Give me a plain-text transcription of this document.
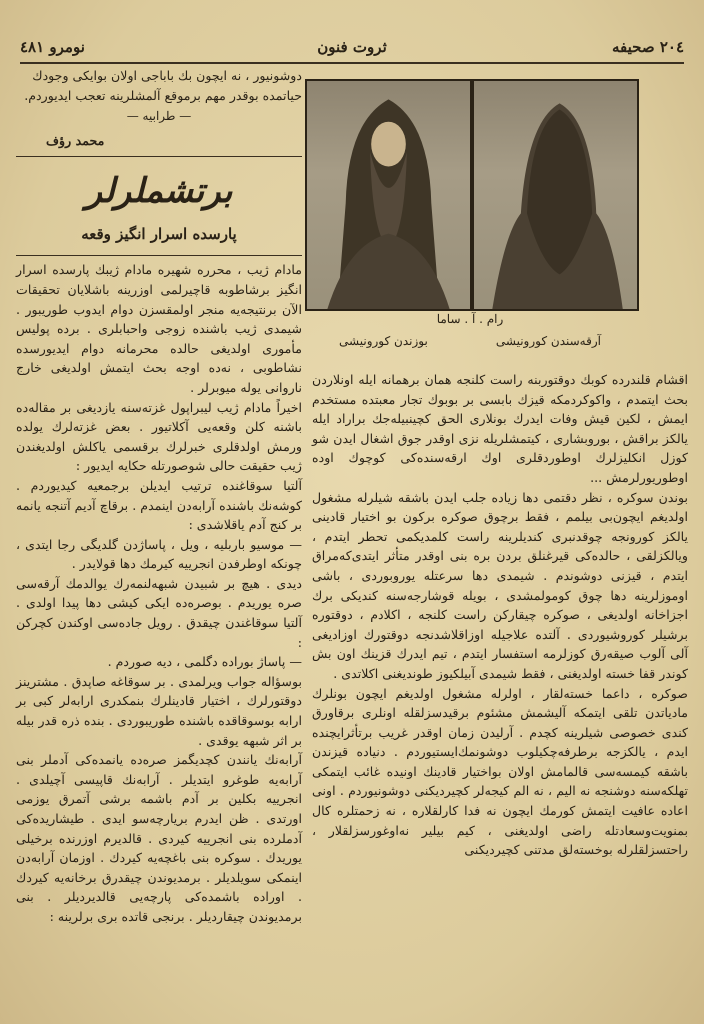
۲۰٤ صحیفه
ثروت فنون
نومرو ٤٨١

دوشونیور ، نه ایچون بك باباجی اولان بوایکی وجودك

حیاتمده بوقدر مهم برموقع آلمشلرینه تعجب ایدیوردم.

— طرابیه —
محمد رؤف
برتشملرلر
پارسده اسرار انگیز وقعه

مادام ژیب ، محرره شهیره مادام ژیبك پارسده اسرار انگیز برشاطوبه قاچیرلمی اوزرینه باشلایان تحقیقات الآن برنتیجه‌یه منجر اولمقسزن دوام ایدوب طوریبور . شیمدی ژیب باشنده زوجی واحبابلری . برده پولیس مأموری اولدیغی حالده محرمانه دوام ایدیورسده نشاطوبی ، نه‌ده اوجه بحث ایتمش اولدیغی خارج ناروانی یوله میوبرلر .

اخیراً مادام ژیب لیبراپول غزته‌سنه یازدیغی بر مقاله‌ده باشنه کلن وقعه‌یی آکلاتیور . بعض غزته‌لرك یولده ورمش اولدقلری خبرلرك برقسمی یاکلش اولدیغندن ژیب حقیقت حالی شوصورتله حکایه ایدیور :

آلتیا سوقاغنده ترتیب ایدیلن برجمعیه کیدیوردم . کوشه‌نك باشنده آرابه‌دن اینمدم . برقاچ آدیم آتنجه یانمه بر کنج آدم یاقلاشدی :

— موسیو باربلیه ، ویل ، پاساژدن گلدیگی رجا ایتدی ، چونکه اوطرفدن انجرییه کیرمك دها قولایدر .

دیدی . هیچ بر شبیدن شبهه‌لنمه‌رك یوالدمك آرقه‌سی صره یوریدم . بوصره‌ده ایکی کیشی دها پیدا اولدی . آلتیا سوقاغندن چیقدق . رویل جاده‌سی اوکندن کچرکن :

— پاساژ بوراده دگلمی ، دیه صوردم .

بوسؤاله جواب ویرلمدی . بر سوقاغه صاپدق . مشترینز دوقتورلرك ، اختیار قادینلرك بنمکدری ارابه‌لر کبی بر ارابه بوسوقاقده باشنده طوریبوردی . بنده ذره قدر بیله بر اثر شبهه یوقدی .

آرابه‌نك یانندن کچدیگمز صره‌ده یانمده‌کی آدملر بنی آرابه‌یه طوغرو ایتدیلر . آرابه‌نك قاپیسی آچیلدی . انجرییه بکلین بر آدم باشمه برشی آتمرق یوزمی اورتدی . ظن ایدرم بریارچه‌سو ایدی . طیشاریده‌کی آدملرده بنی انجرییه کیردی . قالدیرم اوزرنده برخیلی یوریدك . سوکره بنی باغچه‌یه کیردك . اوزمان آرابه‌دن اینمکی سویلدیلر . برمدیوندن چیقدرق برخانه‌یه کیردك . اوراده باشمده‌کی پارچه‌یی قالدیردیلر . بنی برمدیوندن چیقاردیلر . برنجی قاتده بری برلرینه :

رام . آ . ساما
آرقه‌سندن کورونیشی
بوزندن کورونیشی

اقشام قلندرده کوبك دوقتوربنه راست کلنجه همان برهمانه ایله اونلاردن بحث ایتمدم ، واکوکردمکه قیزك بابسی بر بوبوك تجار معبتده مستخدم ایمش ، لکین قیش وفات ایدرك بونلاری الحق کچینبیله‌جك براراد ایله یالکز براقش ، بوروبشاری ، کیتمشلریله نزی اوقدر جوق اشغال ایدن شو کوزل انکلیزلرك اوطوردقلری اوك ارقه‌سنده‌کی کوچوك اوده اوطوریورلرمش ...

بوندن سوکره ، نظر دقتمی دها زیاده جلب ایدن باشقه شیلرله مشغول اولدیغم ایچون‌بی بیلمم ، فقط برچوق صوکره برکون بو اختیار قادینی یالکز کورونجه چوقدنبری کندیلرینه راست کلمدیکمی تحطر ایتدم ، ویالکزلقی ، حالده‌کی قیرغنلق بردن بره بنی اوقدر متأثر ایتدی‌که‌مراق ایتدم ، قیزنی دوشوندم . شیمدی دها سرعتله یوروبوردی ، باشی اوموزلرینه دها چوق کومولمشدی ، بویله قوشارجه‌سنه کندیکی برك اجزاخانه اولدیغی ، صوکره چیقارکن راست کلنجه ، اکلادم ، دوقتوره برشیلر کوروشیوردی . آلتده علاجیله اوزاقلاشدنجه دوقتورك اوزادیغی آلی آلوب صیقه‌رق کوزلرمه استفسار ایتدم ، تیم ایدرك قزینك اون بش کوندر قفا خسته اولدیغنی ، فقط شیمدی آبیلکیوز طوندیغنی اکلاتدی .

صوکره ، داعما خسته‌لقار ، اولرله مشغول اولدیغم ایچون بونلرك مادیاتدن تلقی ایتمکه آلیشمش مشئوم برقیدسزلقله اونلری برقاورق کندی خصوصی شیلرینه کچدم . آرلیدن زمان اوقدر غریب برتأثرایچنده ایدم ، یالکزجه برطرفه‌چکیلوب دوشونمك‌ایستیوردم . دنیاده قیزندن باشقه کیمسه‌سی قالمامش اولان بواختیار قادینك اونیده غائب ایتمکی تهلکه‌سنه دوشنجه نه الیم ، نه الم کیجه‌لر کچیردیکنی دوشونیوردم . اونی اعاده عافیت ایتمش کورمك ایچون نه فدا کارلقلاره ، نه زحمتلره کال بمنویت‌وسعادتله راضی اولدیغنی ، کیم بیلیر نه‌اوغورسزلقلار ، راحتسزلقلرله بوخسته‌لق مدتنی کچیردیکنی
